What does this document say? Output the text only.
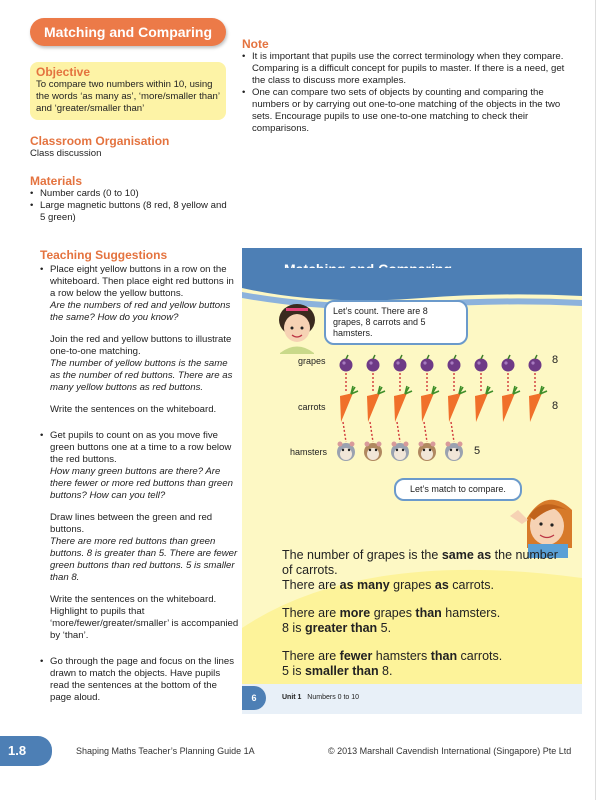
Matching and Comparing
Objective

To compare two numbers within 10, using the words ‘as many as’, ‘more/smaller than’ and ‘greater/smaller than’

Classroom Organisation
Class discussion
Materials
• Number cards (0 to 10)
• Large magnetic buttons (8 red, 8 yellow and 5 green)
Teaching Suggestions

• Place eight yellow buttons in a row on the whiteboard. Then place eight red buttons in a row below the yellow buttons.

Are the numbers of red and yellow buttons the same? How do you know?

Join the red and yellow buttons to illustrate one-to-one matching.

The number of yellow buttons is the same as the number of red buttons. There are as many yellow buttons as red buttons.

Write the sentences on the whiteboard.

• Get pupils to count on as you move five green buttons one at a time to a row below the red buttons.

How many green buttons are there? Are there fewer or more red buttons than green buttons? How can you tell?

Draw lines between the green and red buttons.

There are more red buttons than green buttons. 8 is greater than 5. There are fewer green buttons than red buttons. 5 is smaller than 8.

Write the sentences on the whiteboard. Highlight to pupils that ‘more/fewer/greater/smaller’ is accompanied by ‘than’.

• Go through the page and focus on the lines drawn to match the objects. Have pupils read the sentences at the bottom of the page aloud.

Note
• It is important that pupils use the correct terminology when they compare. Comparing is a difficult concept for pupils to master. If there is a need, get the class to discuss more examples.
• One can compare two sets of objects by counting and comparing the numbers or by carrying out one-to-one matching of the objects in the two sets. Encourage pupils to use one-to-one matching to check their comparisons.
Let’s count. There are 8 grapes, 8 carrots and 5 hamsters.
Let’s match to compare.
grapes	8
carrots	8
hamsters	5
The number of grapes is the same as the number
of carrots.
There are as many grapes as carrots.
There are more grapes than hamsters.
8 is greater than 5.
There are fewer hamsters than carrots.
5 is smaller than 8.
6	Unit 1 Numbers 0 to 10
1.8	Shaping Maths Teacher’s Planning Guide 1A	© 2013 Marshall Cavendish International (Singapore) Pte Ltd
